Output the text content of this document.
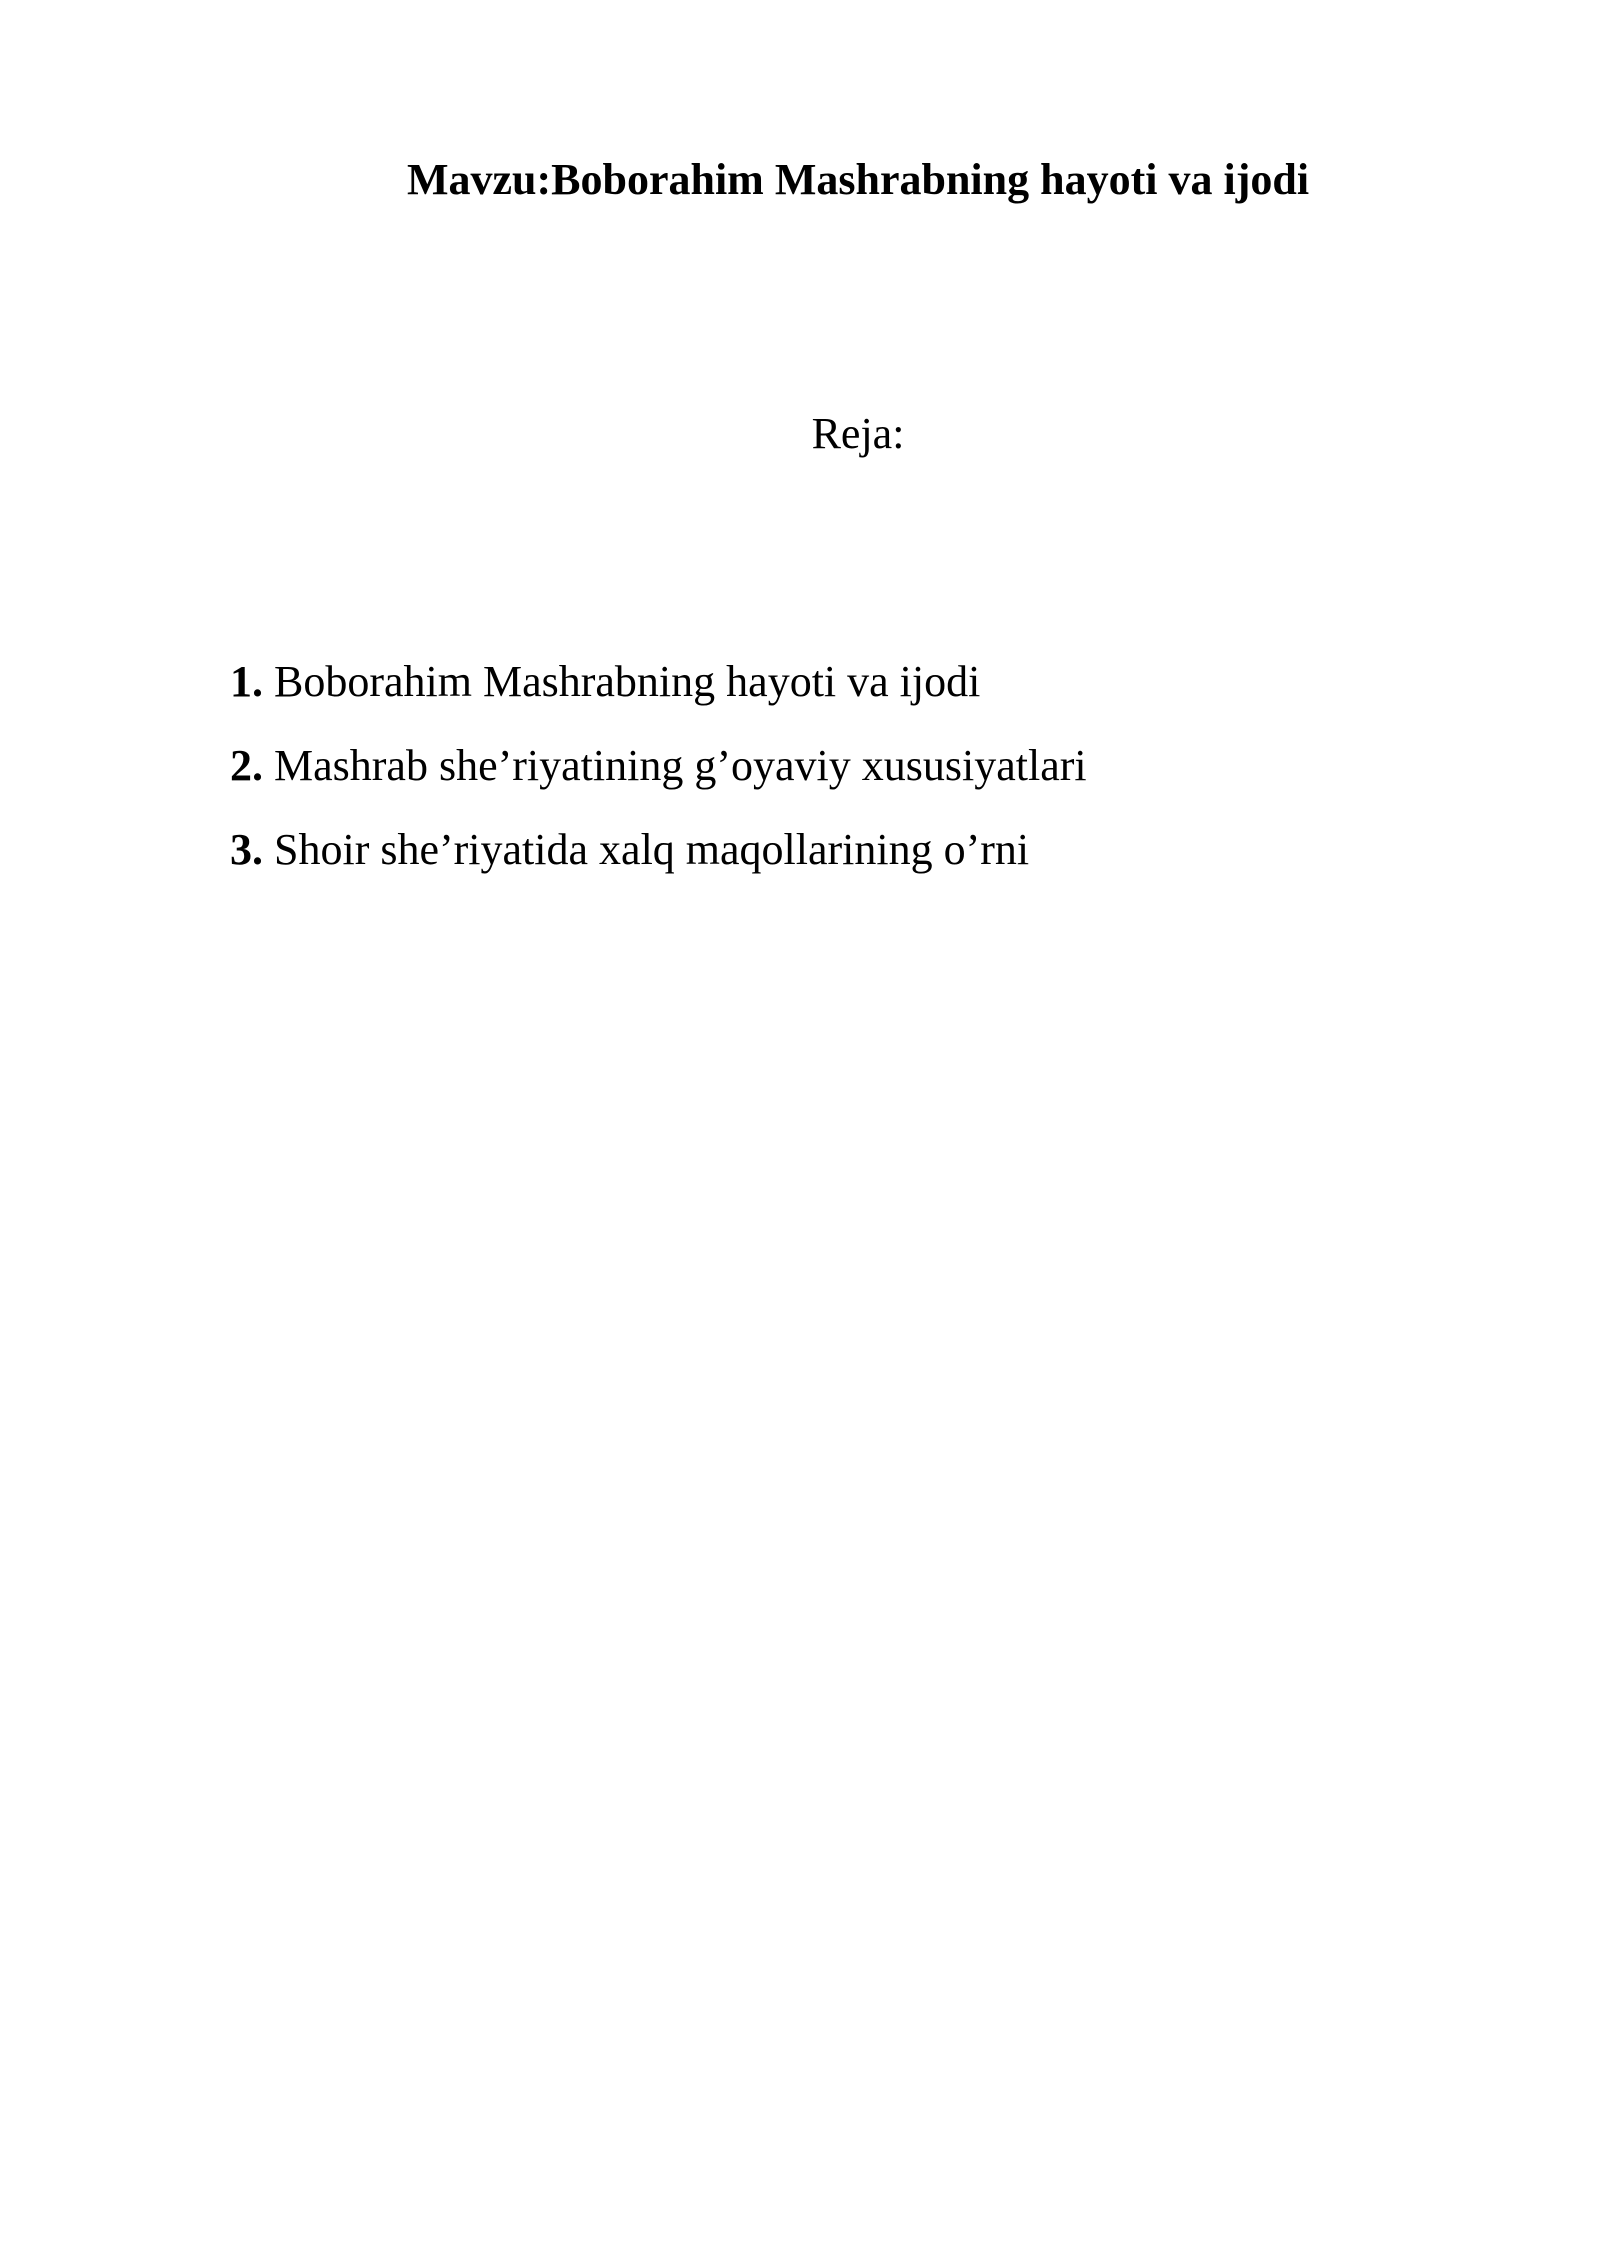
Mavzu:Boborahim Mashrabning hayoti va ijodi

Reja:

1. Boborahim Mashrabning hayoti va ijodi
2. Mashrab she’riyatining g’oyaviy xususiyatlari
3. Shoir she’riyatida xalq maqollarining o’rni
